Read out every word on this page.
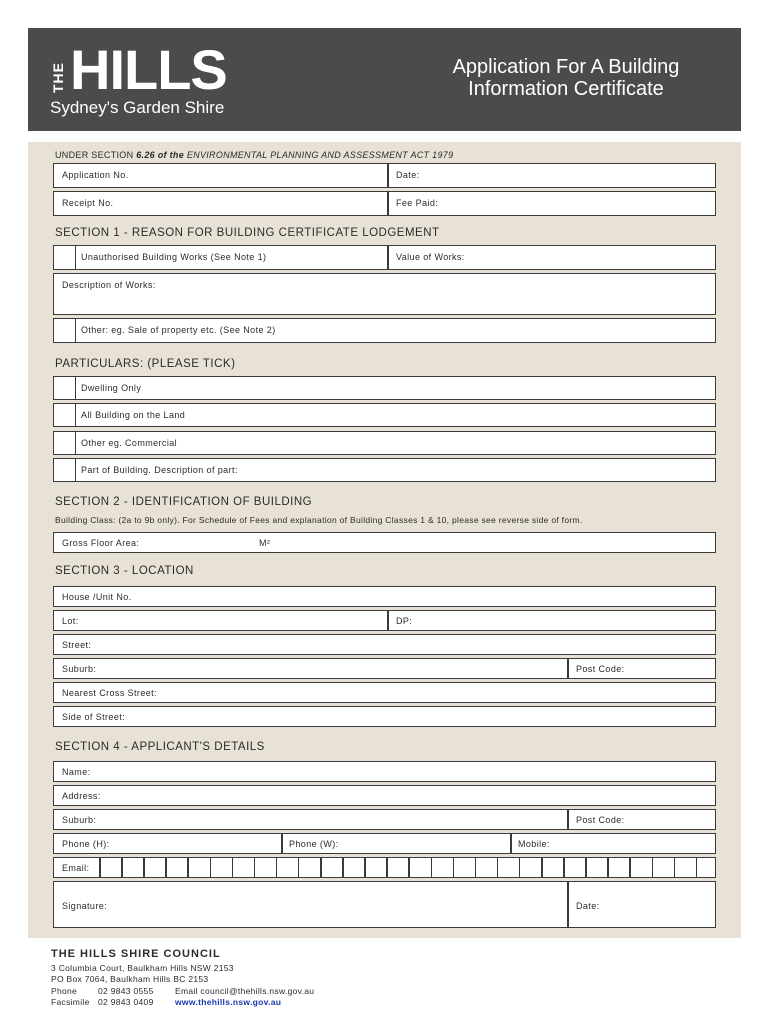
THE HILLS
Sydney's Garden Shire
Application For A Building
Information Certificate
UNDER SECTION 6.26 of the ENVIRONMENTAL PLANNING AND ASSESSMENT ACT 1979
Application No.	Date:
Receipt No.	Fee Paid:
SECTION 1 - REASON FOR BUILDING CERTIFICATE LODGEMENT
Unauthorised Building Works (See Note 1)	Value of Works:
Description of Works:
Other: eg. Sale of property etc. (See Note 2)
PARTICULARS: (PLEASE TICK)
Dwelling Only
All Building on the Land
Other eg. Commercial
Part of Building. Description of part:
SECTION 2 - IDENTIFICATION OF BUILDING
Building Class: (2a to 9b only). For Schedule of Fees and explanation of Building Classes 1 & 10, please see reverse side of form.
Gross Floor Area:	M²
SECTION 3 - LOCATION
House /Unit No.
Lot:	DP:
Street:
Suburb:	Post Code:
Nearest Cross Street:
Side of Street:
SECTION 4 - APPLICANT'S DETAILS
Name:
Address:
Suburb:	Post Code:
Phone (H):	Phone (W):	Mobile:
Email:
Signature:	Date:
THE HILLS SHIRE COUNCIL
3 Columbia Court, Baulkham Hills NSW 2153
PO Box 7064, Baulkham Hills BC 2153
Phone 02 9843 0555	Email council@thehills.nsw.gov.au
Facsimile 02 9843 0409	www.thehills.nsw.gov.au
